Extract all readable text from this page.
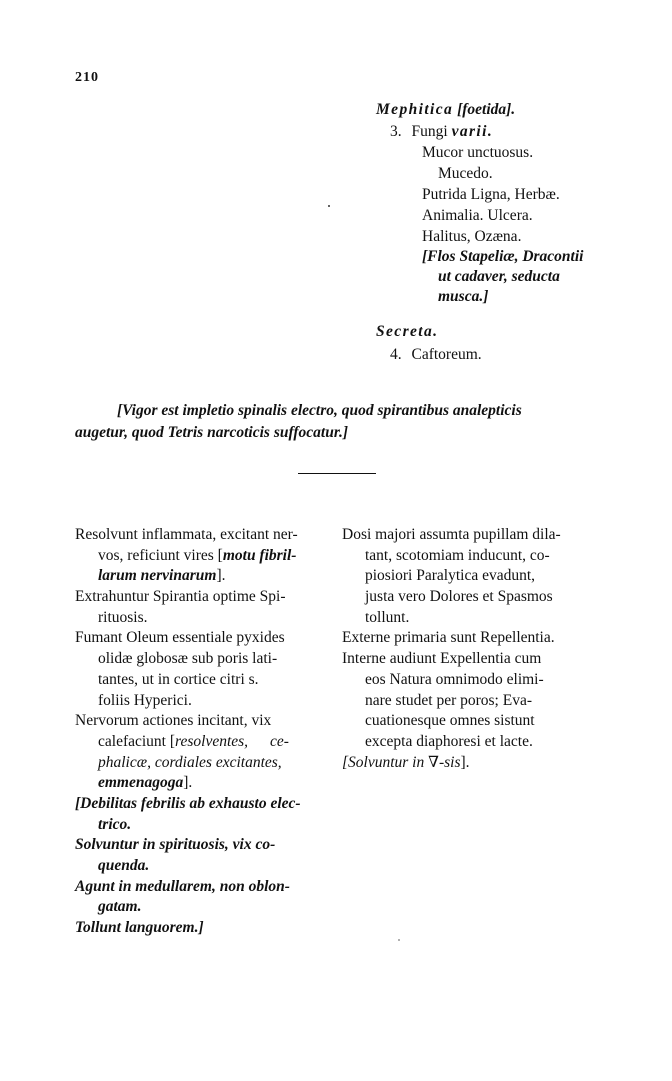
210
Mephitica [foetida].
3. Fungi varii.
Mucor unctuosus.
Mucedo.
Putrida Ligna, Herbæ.
Animalia. Ulcera.
Halitus, Ozæna.
[Flos Stapeliæ, Dracontii
ut cadaver, seducta
musca.]
Secreta.
4. Caftoreum.
[Vigor est impletio spinalis electro, quod spirantibus analepticis
augetur, quod Tetris narcoticis suffocatur.]
Resolvunt inflammata, excitant ner-
vos, reficiunt vires [motu fibril-
larum nervinarum].
Extrahuntur Spirantia optime Spi-
rituosis.
Fumant Oleum essentiale pyxides
olidæ globosæ sub poris lati-
tantes, ut in cortice citri s.
foliis Hyperici.
Nervorum actiones incitant, vix
calefaciunt [resolventes, ce-
phalicæ, cordiales excitantes,
emmenagoga].
[Debilitas febrilis ab exhausto elec-
trico.
Solvuntur in spirituosis, vix co-
quenda.
Agunt in medullarem, non oblon-
gatam.
Tollunt languorem.]
Dosi majori assumta pupillam dila-
tant, scotomiam inducunt, co-
piosiori Paralytica evadunt,
justa vero Dolores et Spasmos
tollunt.
Externe primaria sunt Repellentia.
Interne audiunt Expellentia cum
eos Natura omnimodo elimi-
nare studet per poros; Eva-
cuationesque omnes sistunt
excepta diaphoresi et lacte.
[Solvuntur in ∇-sis].
